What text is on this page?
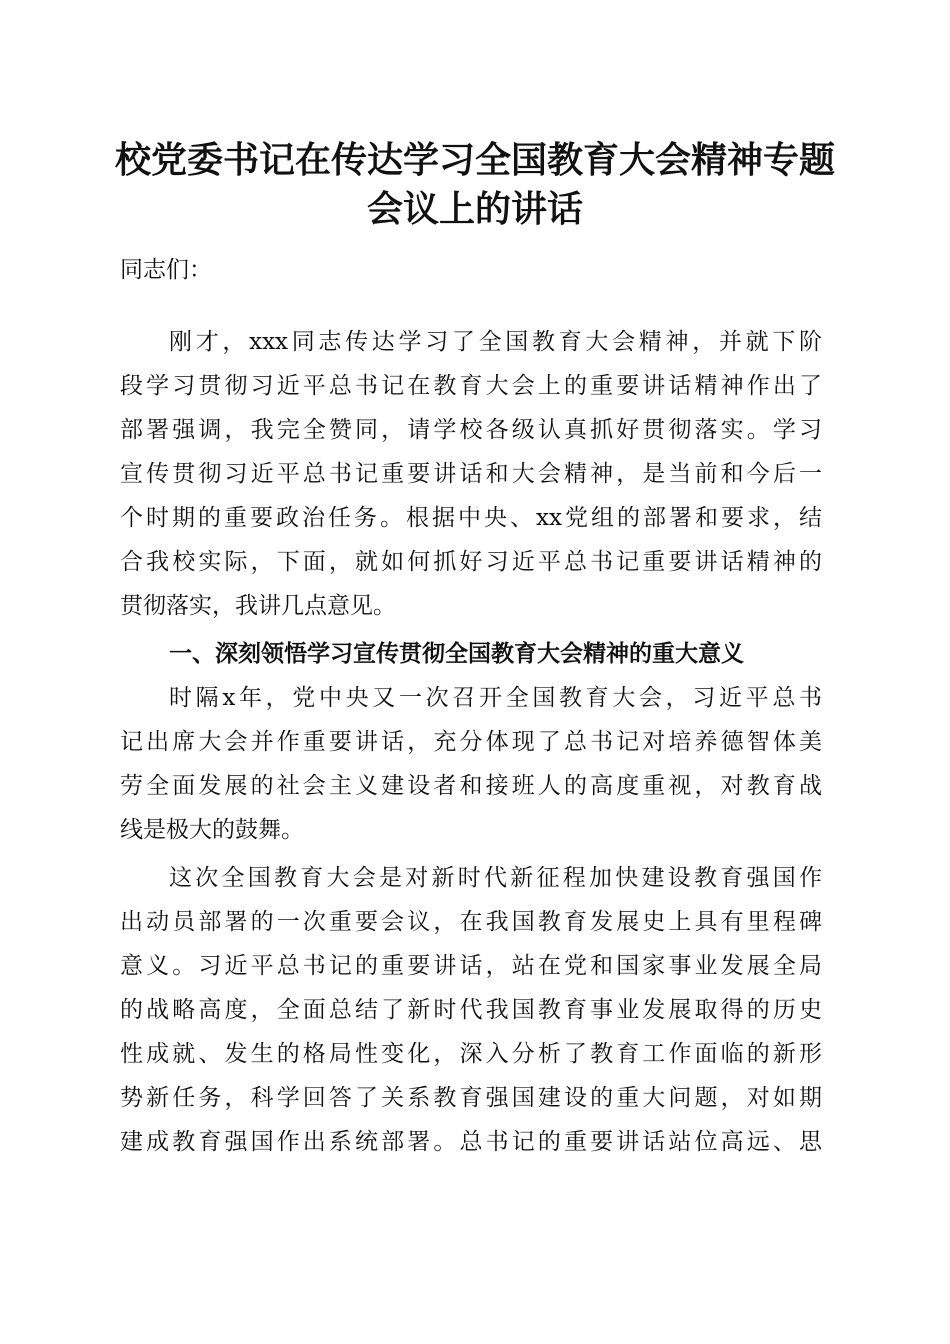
校党委书记在传达学习全国教育大会精神专题
会议上的讲话
同志们：
刚才，xxx同志传达学习了全国教育大会精神，并就下阶
段学习贯彻习近平总书记在教育大会上的重要讲话精神作出了
部署强调，我完全赞同，请学校各级认真抓好贯彻落实。学习
宣传贯彻习近平总书记重要讲话和大会精神，是当前和今后一
个时期的重要政治任务。根据中央、xx党组的部署和要求，结
合我校实际，下面，就如何抓好习近平总书记重要讲话精神的
贯彻落实，我讲几点意见。
一、深刻领悟学习宣传贯彻全国教育大会精神的重大意义
时隔x年，党中央又一次召开全国教育大会，习近平总书
记出席大会并作重要讲话，充分体现了总书记对培养德智体美
劳全面发展的社会主义建设者和接班人的高度重视，对教育战
线是极大的鼓舞。
这次全国教育大会是对新时代新征程加快建设教育强国作
出动员部署的一次重要会议，在我国教育发展史上具有里程碑
意义。习近平总书记的重要讲话，站在党和国家事业发展全局
的战略高度，全面总结了新时代我国教育事业发展取得的历史
性成就、发生的格局性变化，深入分析了教育工作面临的新形
势新任务，科学回答了关系教育强国建设的重大问题，对如期
建成教育强国作出系统部署。总书记的重要讲话站位高远、思
